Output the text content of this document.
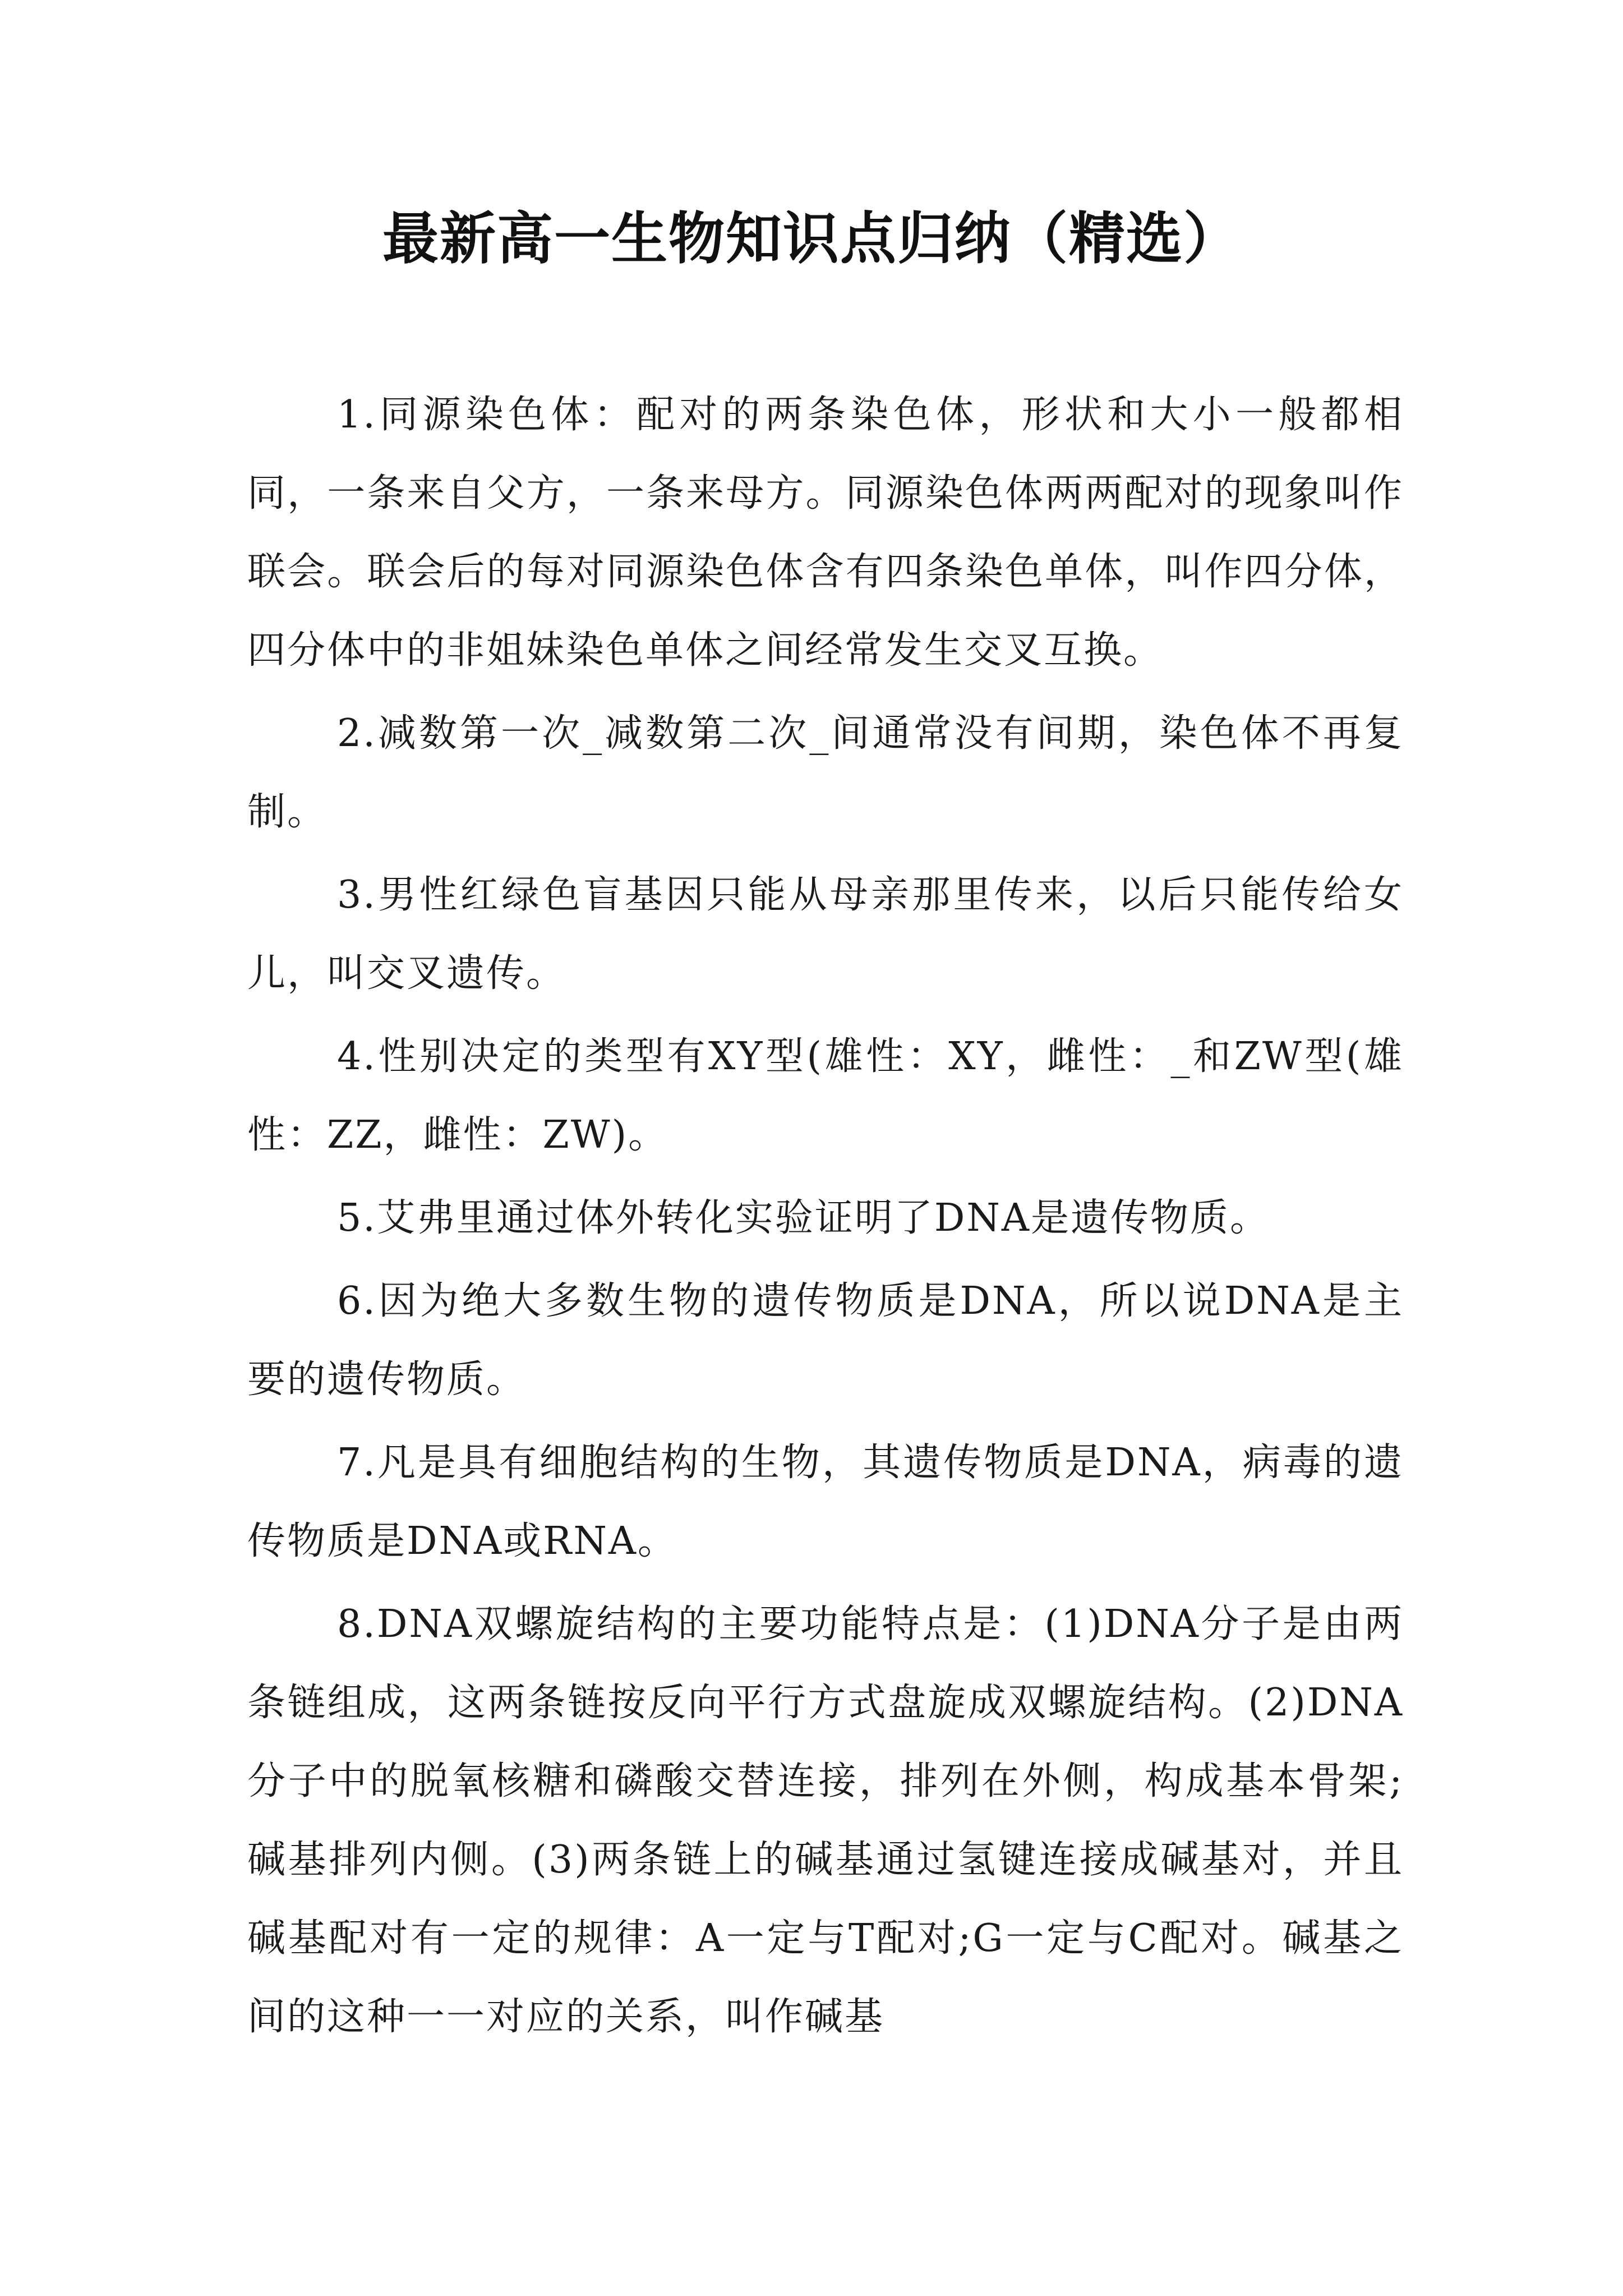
最新高一生物知识点归纳（精选）

1.同源染色体：配对的两条染色体，形状和大小一般都相同，一条来自父方，一条来母方。同源染色体两两配对的现象叫作联会。联会后的每对同源染色体含有四条染色单体，叫作四分体，四分体中的非姐妹染色单体之间经常发生交叉互换。

2.减数第一次_减数第二次_间通常没有间期，染色体不再复制。

3.男性红绿色盲基因只能从母亲那里传来，以后只能传给女儿，叫交叉遗传。

4.性别决定的类型有XY型(雄性：XY，雌性：_和ZW型(雄性：ZZ，雌性：ZW)。

5.艾弗里通过体外转化实验证明了DNA是遗传物质。

6.因为绝大多数生物的遗传物质是DNA，所以说DNA是主要的遗传物质。

7.凡是具有细胞结构的生物，其遗传物质是DNA，病毒的遗传物质是DNA或RNA。

8.DNA双螺旋结构的主要功能特点是：(1)DNA分子是由两条链组成，这两条链按反向平行方式盘旋成双螺旋结构。(2)DNA分子中的脱氧核糖和磷酸交替连接，排列在外侧，构成基本骨架;碱基排列内侧。(3)两条链上的碱基通过氢键连接成碱基对，并且碱基配对有一定的规律：A一定与T配对;G一定与C配对。碱基之间的这种一一对应的关系，叫作碱基
